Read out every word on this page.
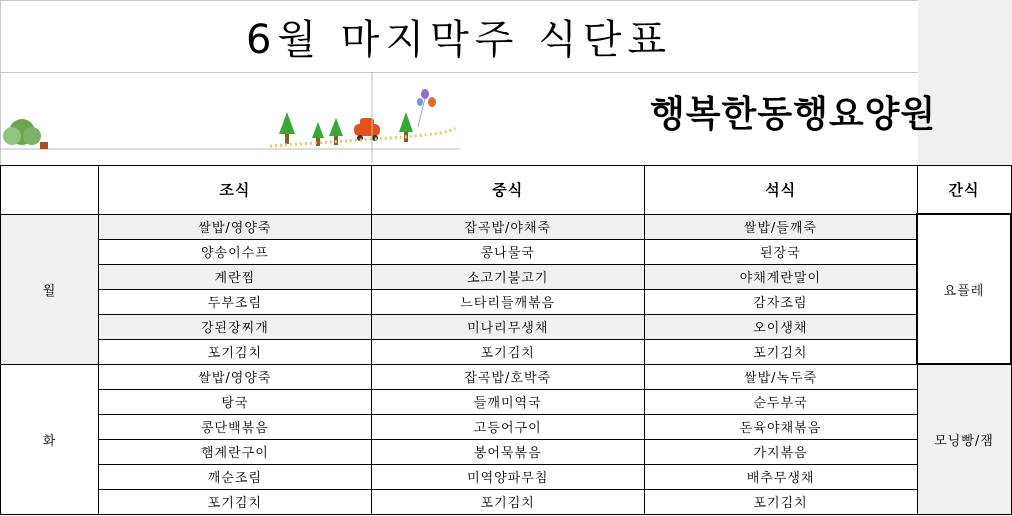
6월 마지막주 식단표
행복한동행요양원
	조식	중식	석식	간식
월	쌀밥/영양죽	잡곡밥/야채죽	쌀밥/들깨죽	요플레
	양송이수프	콩나물국	된장국	
	계란찜	소고기불고기	야채계란말이	
	두부조림	느타리들깨볶음	감자조림	
	강된장찌개	미나리무생채	오이생채	
	포기김치	포기김치	포기김치	
화	쌀밥/영양죽	잡곡밥/호박죽	쌀밥/녹두죽	모닝빵/잼
	탕국	들깨미역국	순두부국	
	콩단백볶음	고등어구이	돈육야채볶음	
	햄계란구이	봉어묵볶음	가지볶음	
	깨순조림	미역양파무침	배추무생채	
	포기김치	포기김치	포기김치	
